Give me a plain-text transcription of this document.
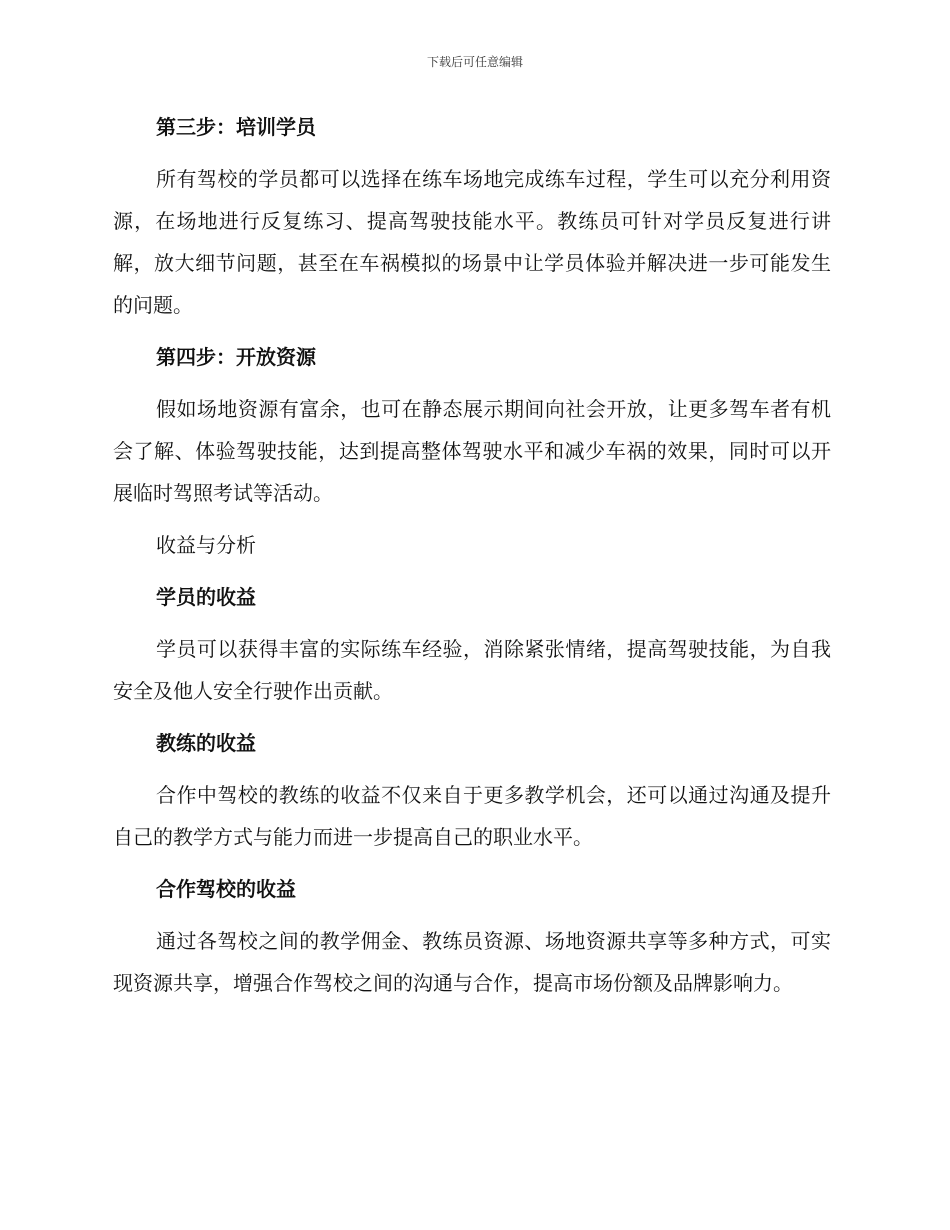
下载后可任意编辑
第三步：培训学员

所有驾校的学员都可以选择在练车场地完成练车过程，学生可以充分利用资源，在场地进行反复练习、提高驾驶技能水平。教练员可针对学员反复进行讲解，放大细节问题，甚至在车祸模拟的场景中让学员体验并解决进一步可能发生的问题。

第四步：开放资源

假如场地资源有富余，也可在静态展示期间向社会开放，让更多驾车者有机会了解、体验驾驶技能，达到提高整体驾驶水平和减少车祸的效果，同时可以开展临时驾照考试等活动。

收益与分析
学员的收益

学员可以获得丰富的实际练车经验，消除紧张情绪，提高驾驶技能，为自我安全及他人安全行驶作出贡献。

教练的收益

合作中驾校的教练的收益不仅来自于更多教学机会，还可以通过沟通及提升自己的教学方式与能力而进一步提高自己的职业水平。

合作驾校的收益

通过各驾校之间的教学佣金、教练员资源、场地资源共享等多种方式，可实现资源共享，增强合作驾校之间的沟通与合作，提高市场份额及品牌影响力。
